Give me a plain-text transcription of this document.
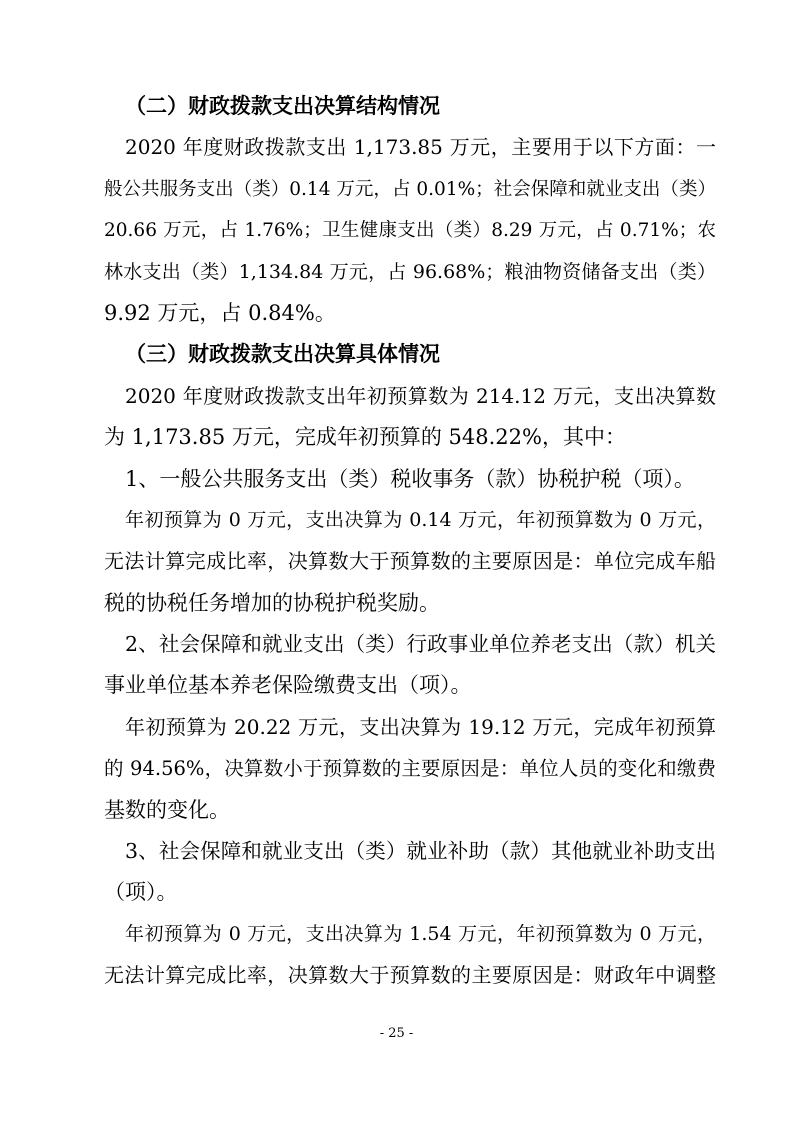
（二）财政拨款支出决算结构情况
2020 年度财政拨款支出 1,173.85 万元，主要用于以下方面：一
般公共服务支出（类）0.14 万元，占 0.01%；社会保障和就业支出（类）
20.66 万元，占 1.76%；卫生健康支出（类）8.29 万元，占 0.71%；农
林水支出（类）1,134.84 万元，占 96.68%；粮油物资储备支出（类）
9.92 万元，占 0.84%。
（三）财政拨款支出决算具体情况
2020 年度财政拨款支出年初预算数为 214.12 万元，支出决算数
为 1,173.85 万元，完成年初预算的 548.22%，其中：
1、一般公共服务支出（类）税收事务（款）协税护税（项）。
年初预算为 0 万元，支出决算为 0.14 万元，年初预算数为 0 万元，
无法计算完成比率，决算数大于预算数的主要原因是：单位完成车船
税的协税任务增加的协税护税奖励。
2、社会保障和就业支出（类）行政事业单位养老支出（款）机关
事业单位基本养老保险缴费支出（项）。
年初预算为 20.22 万元，支出决算为 19.12 万元，完成年初预算
的 94.56%，决算数小于预算数的主要原因是：单位人员的变化和缴费
基数的变化。
3、社会保障和就业支出（类）就业补助（款）其他就业补助支出
（项）。
年初预算为 0 万元，支出决算为 1.54 万元，年初预算数为 0 万元，
无法计算完成比率，决算数大于预算数的主要原因是：财政年中调整
- 25 -
